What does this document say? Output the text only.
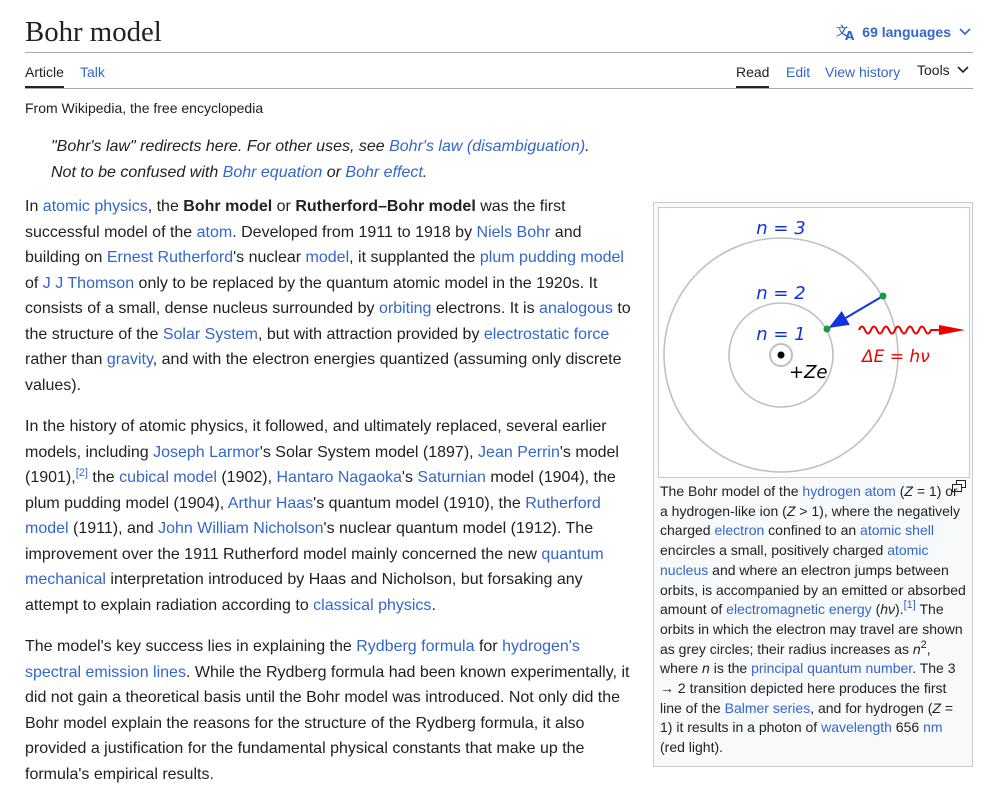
Bohr model	文
A 69 languages
Article Talk	Read Edit View history Tools
From Wikipedia, the free encyclopedia
"Bohr's law" redirects here. For other uses, see Bohr's law (disambiguation).
Not to be confused with Bohr equation or Bohr effect.

In atomic physics, the Bohr model or Rutherford–Bohr model was the first successful model of the atom. Developed from 1911 to 1918 by Niels Bohr and building on Ernest Rutherford's nuclear model, it supplanted the plum pudding model of J J Thomson only to be replaced by the quantum atomic model in the 1920s. It consists of a small, dense nucleus surrounded by orbiting electrons. It is analogous to the structure of the Solar System, but with attraction provided by electrostatic force rather than gravity, and with the electron energies quantized (assuming only discrete values).

In the history of atomic physics, it followed, and ultimately replaced, several earlier models, including Joseph Larmor's Solar System model (1897), Jean Perrin's model (1901),[2] the cubical model (1902), Hantaro Nagaoka's Saturnian model (1904), the plum pudding model (1904), Arthur Haas's quantum model (1910), the Rutherford model (1911), and John William Nicholson's nuclear quantum model (1912). The improvement over the 1911 Rutherford model mainly concerned the new quantum mechanical interpretation introduced by Haas and Nicholson, but forsaking any attempt to explain radiation according to classical physics.

The model's key success lies in explaining the Rydberg formula for hydrogen's spectral emission lines. While the Rydberg formula had been known experimentally, it did not gain a theoretical basis until the Bohr model was introduced. Not only did the Bohr model explain the reasons for the structure of the Rydberg formula, it also provided a justification for the fundamental physical constants that make up the formula's empirical results.

n = 3
n = 2
n = 1
+Ze
ΔE = hν
The Bohr model of the hydrogen atom (Z = 1) or a hydrogen-like ion (Z > 1), where the negatively charged electron confined to an atomic shell encircles a small, positively charged atomic nucleus and where an electron jumps between orbits, is accompanied by an emitted or absorbed amount of electromagnetic energy (hν).[1] The orbits in which the electron may travel are shown as grey circles; their radius increases as $n^2$, where n is the principal quantum number. The 3 → 2 transition depicted here produces the first line of the Balmer series, and for hydrogen (Z = 1) it results in a photon of wavelength 656 nm (red light).
